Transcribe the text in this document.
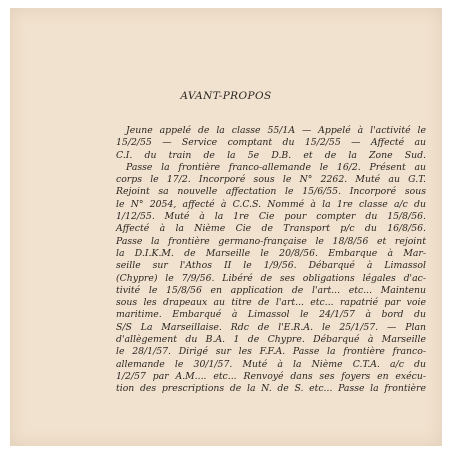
AVANT-PROPOS
Jeune appelé de la classe 55/1A — Appelé à l'activité le
15/2/55 — Service comptant du 15/2/55 — Affecté au
C.I. du train de la 5e D.B. et de la Zone Sud.
Passe la frontière franco-allemande le 16/2. Présent au
corps le 17/2. Incorporé sous le N° 2262. Muté au G.T.
Rejoint sa nouvelle affectation le 15/6/55. Incorporé sous
le N° 2054, affecté à C.C.S. Nommé à la 1re classe a/c du
1/12/55. Muté à la 1re Cie pour compter du 15/8/56.
Affecté à la Nième Cie de Transport p/c du 16/8/56.
Passe la frontière germano-française le 18/8/56 et rejoint
la D.I.K.M. de Marseille le 20/8/56. Embarque à Mar-
seille sur l'Athos II le 1/9/56. Débarqué à Limassol
(Chypre) le 7/9/56. Libéré de ses obligations légales d'ac-
tivité le 15/8/56 en application de l'art... etc... Maintenu
sous les drapeaux au titre de l'art... etc... rapatrié par voie
maritime. Embarqué à Limassol le 24/1/57 à bord du
S/S La Marseillaise. Rdc de l'E.R.A. le 25/1/57. — Plan
d'allègement du B.A. 1 de Chypre. Débarqué à Marseille
le 28/1/57. Dirigé sur les F.F.A. Passe la frontière franco-
allemande le 30/1/57. Muté à la Nième C.T.A. a/c du
1/2/57 par A.M.... etc... Renvoyé dans ses foyers en exécu-
tion des prescriptions de la N. de S. etc... Passe la frontière
